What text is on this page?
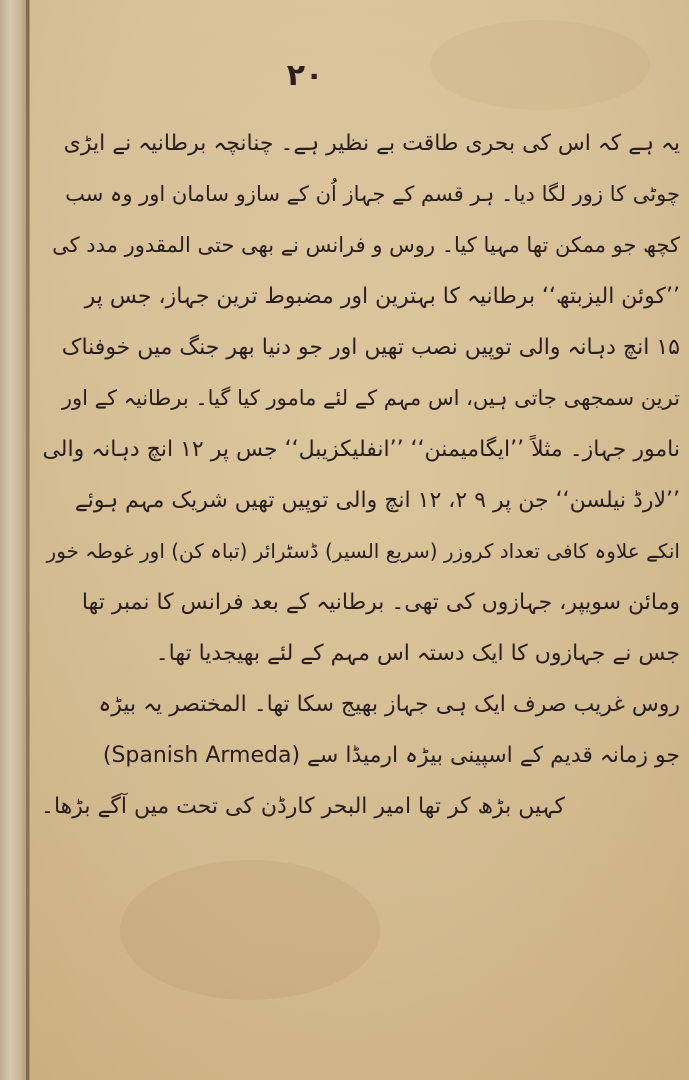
۲۰
یہ ہے کہ اس کی بحری طاقت بے نظیر ہے۔ چنانچہ برطانیہ نے ایڑی
چوٹی کا زور لگا دیا۔ ہر قسم کے جہاز اُن کے سازو سامان اور وہ سب
کچھ جو ممکن تھا مہیا کیا۔ روس و فرانس نے بھی حتی المقدور مدد کی
’’کوئن الیزبتھ‘‘ برطانیہ کا بہترین اور مضبوط ترین جہاز، جس پر
۱۵ انچ دہانہ والی توپیں نصب تھیں اور جو دنیا بھر جنگ میں خوفناک
ترین سمجھی جاتی ہیں، اس مہم کے لئے مامور کیا گیا۔ برطانیہ کے اور
نامور جہاز۔ مثلاً ’’ایگامیمنن‘‘ ’’انفلیکزیبل‘‘ جس پر ۱۲ انچ دہانہ والی
’’لارڈ نیلسن‘‘ جن پر ۹ ۲، ۱۲ انچ والی توپیں تھیں شریک مہم ہوئے
انکے علاوہ کافی تعداد کروزر (سریع السیر) ڈسٹرائر (تباہ کن) اور غوطہ خور
ومائن سویپر، جہازوں کی تھی۔ برطانیہ کے بعد فرانس کا نمبر تھا
جس نے جہازوں کا ایک دستہ اس مہم کے لئے بھیجدیا تھا۔
روس غریب صرف ایک ہی جہاز بھیج سکا تھا۔ المختصر یہ بیڑہ
جو زمانہ قدیم کے اسپینی بیڑہ ارمیڈا سے (Spanish Armeda)
کہیں بڑھ کر تھا امیر البحر کارڈن کی تحت میں آگے بڑھا۔
